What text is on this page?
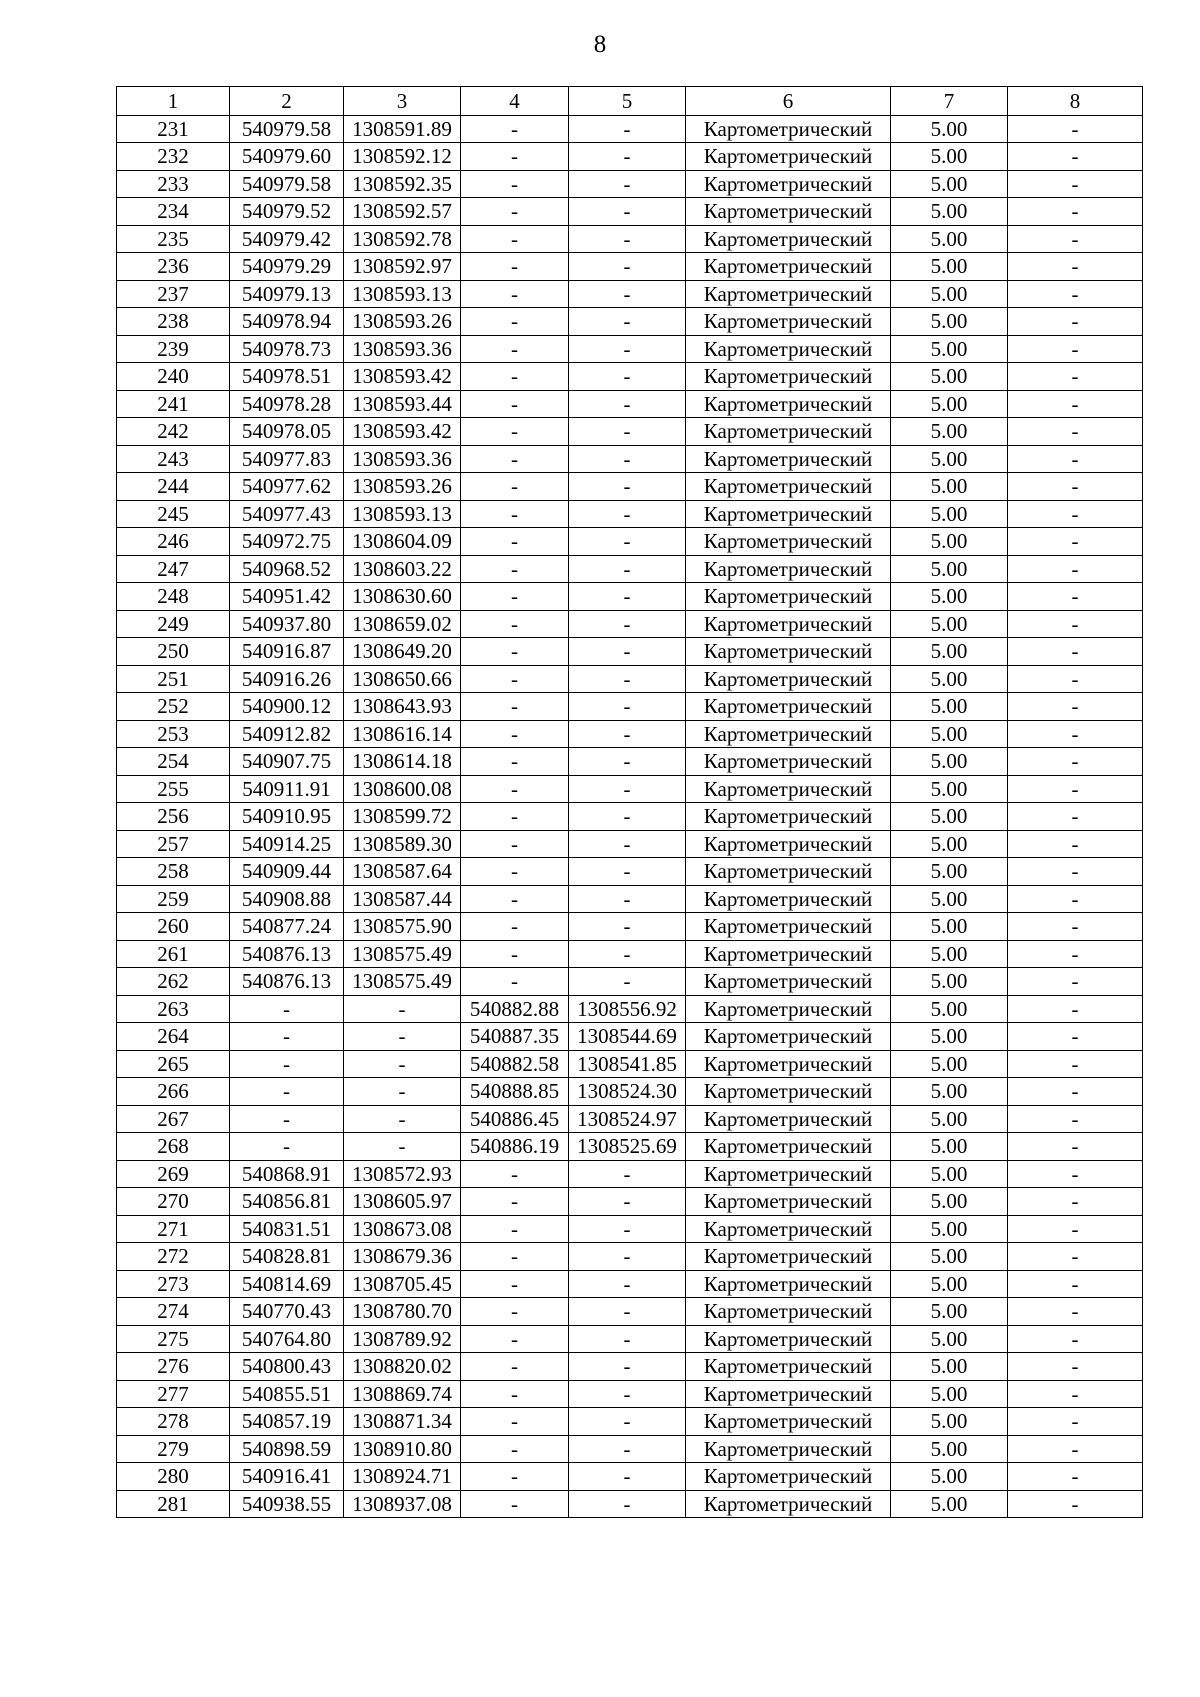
8
1	2	3	4	5	6	7	8
231	540979.58	1308591.89	-	-	Картометрический	5.00	-
232	540979.60	1308592.12	-	-	Картометрический	5.00	-
233	540979.58	1308592.35	-	-	Картометрический	5.00	-
234	540979.52	1308592.57	-	-	Картометрический	5.00	-
235	540979.42	1308592.78	-	-	Картометрический	5.00	-
236	540979.29	1308592.97	-	-	Картометрический	5.00	-
237	540979.13	1308593.13	-	-	Картометрический	5.00	-
238	540978.94	1308593.26	-	-	Картометрический	5.00	-
239	540978.73	1308593.36	-	-	Картометрический	5.00	-
240	540978.51	1308593.42	-	-	Картометрический	5.00	-
241	540978.28	1308593.44	-	-	Картометрический	5.00	-
242	540978.05	1308593.42	-	-	Картометрический	5.00	-
243	540977.83	1308593.36	-	-	Картометрический	5.00	-
244	540977.62	1308593.26	-	-	Картометрический	5.00	-
245	540977.43	1308593.13	-	-	Картометрический	5.00	-
246	540972.75	1308604.09	-	-	Картометрический	5.00	-
247	540968.52	1308603.22	-	-	Картометрический	5.00	-
248	540951.42	1308630.60	-	-	Картометрический	5.00	-
249	540937.80	1308659.02	-	-	Картометрический	5.00	-
250	540916.87	1308649.20	-	-	Картометрический	5.00	-
251	540916.26	1308650.66	-	-	Картометрический	5.00	-
252	540900.12	1308643.93	-	-	Картометрический	5.00	-
253	540912.82	1308616.14	-	-	Картометрический	5.00	-
254	540907.75	1308614.18	-	-	Картометрический	5.00	-
255	540911.91	1308600.08	-	-	Картометрический	5.00	-
256	540910.95	1308599.72	-	-	Картометрический	5.00	-
257	540914.25	1308589.30	-	-	Картометрический	5.00	-
258	540909.44	1308587.64	-	-	Картометрический	5.00	-
259	540908.88	1308587.44	-	-	Картометрический	5.00	-
260	540877.24	1308575.90	-	-	Картометрический	5.00	-
261	540876.13	1308575.49	-	-	Картометрический	5.00	-
262	540876.13	1308575.49	-	-	Картометрический	5.00	-
263	-	-	540882.88	1308556.92	Картометрический	5.00	-
264	-	-	540887.35	1308544.69	Картометрический	5.00	-
265	-	-	540882.58	1308541.85	Картометрический	5.00	-
266	-	-	540888.85	1308524.30	Картометрический	5.00	-
267	-	-	540886.45	1308524.97	Картометрический	5.00	-
268	-	-	540886.19	1308525.69	Картометрический	5.00	-
269	540868.91	1308572.93	-	-	Картометрический	5.00	-
270	540856.81	1308605.97	-	-	Картометрический	5.00	-
271	540831.51	1308673.08	-	-	Картометрический	5.00	-
272	540828.81	1308679.36	-	-	Картометрический	5.00	-
273	540814.69	1308705.45	-	-	Картометрический	5.00	-
274	540770.43	1308780.70	-	-	Картометрический	5.00	-
275	540764.80	1308789.92	-	-	Картометрический	5.00	-
276	540800.43	1308820.02	-	-	Картометрический	5.00	-
277	540855.51	1308869.74	-	-	Картометрический	5.00	-
278	540857.19	1308871.34	-	-	Картометрический	5.00	-
279	540898.59	1308910.80	-	-	Картометрический	5.00	-
280	540916.41	1308924.71	-	-	Картометрический	5.00	-
281	540938.55	1308937.08	-	-	Картометрический	5.00	-
